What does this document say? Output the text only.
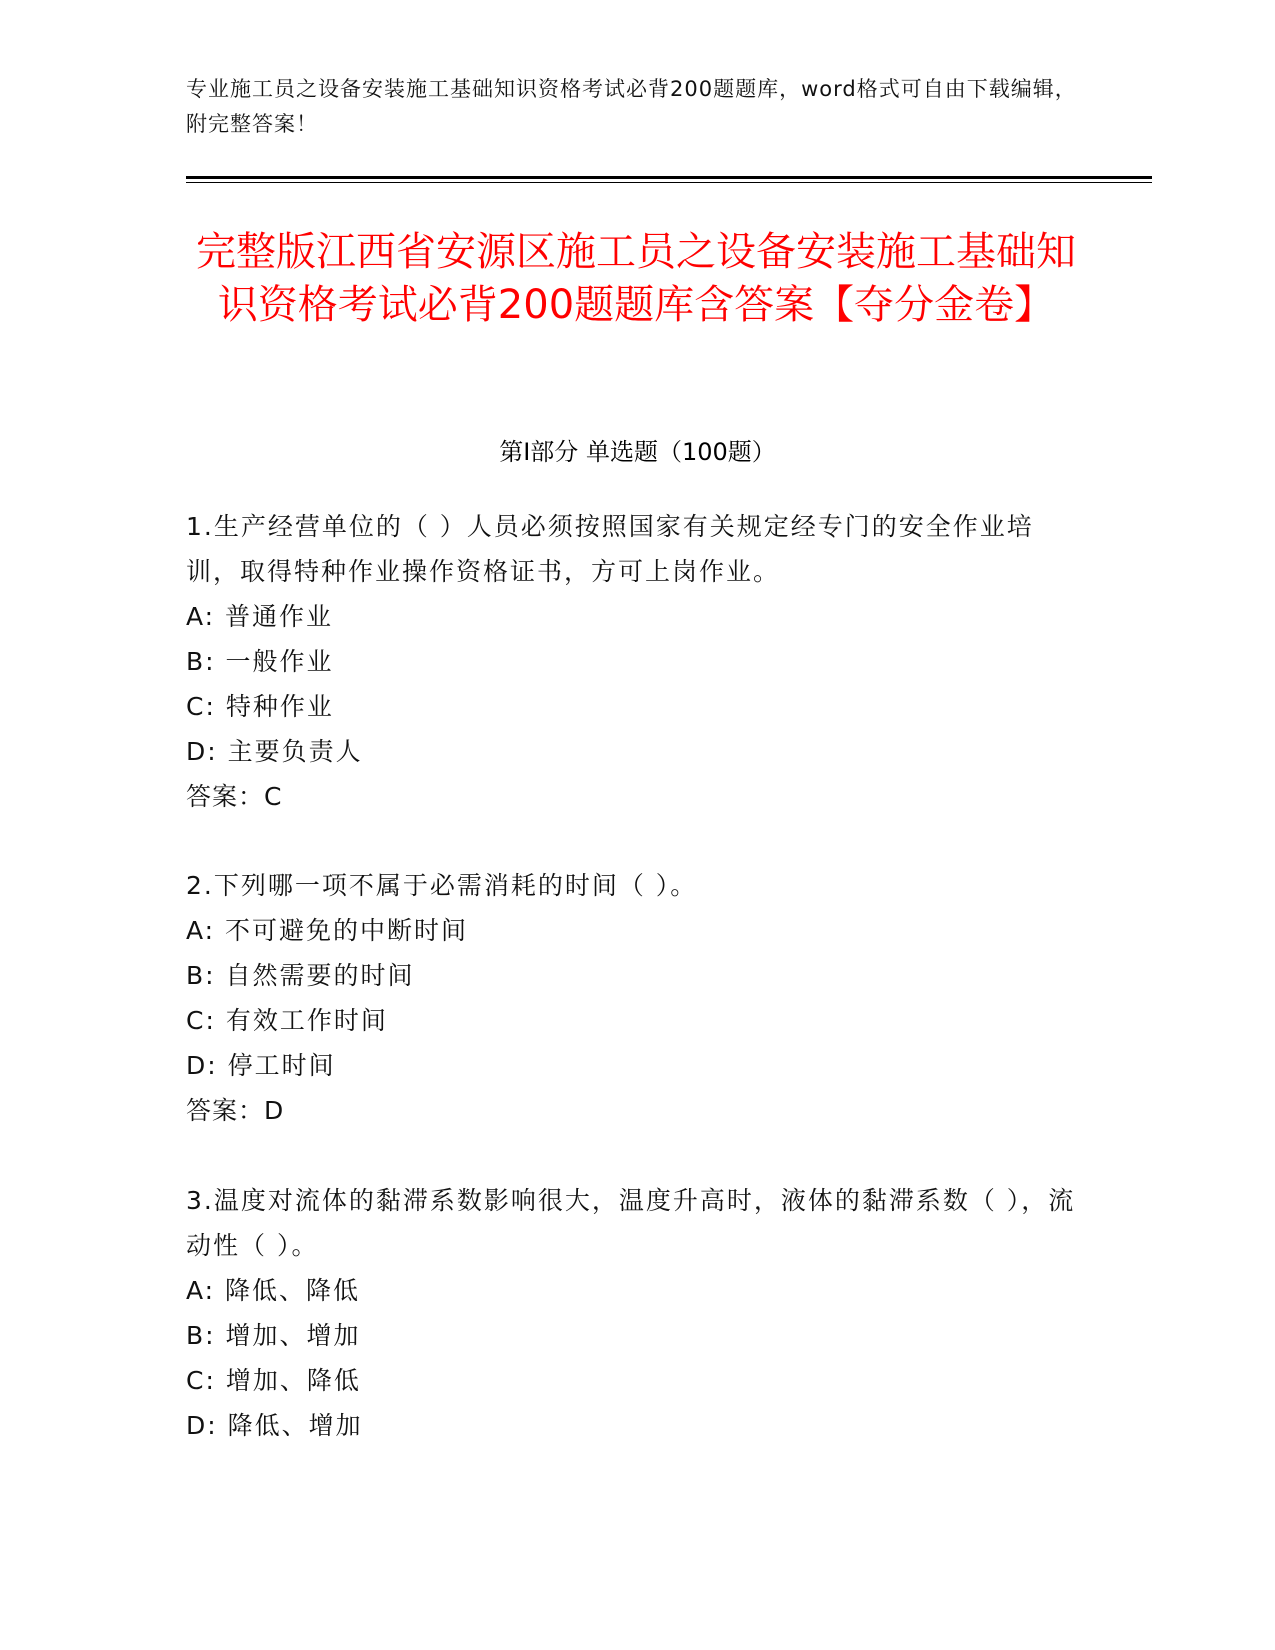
专业施工员之设备安装施工基础知识资格考试必背200题题库，word格式可自由下载编辑，附完整答案！
完整版江西省安源区施工员之设备安装施工基础知识资格考试必背200题题库含答案【夺分金卷】
第Ⅰ部分 单选题（100题）

1.生产经营单位的（ ）人员必须按照国家有关规定经专门的安全作业培训，取得特种作业操作资格证书，方可上岗作业。

A: 普通作业

B: 一般作业

C: 特种作业

D: 主要负责人

答案：C

2.下列哪一项不属于必需消耗的时间（ ）。

A: 不可避免的中断时间

B: 自然需要的时间

C: 有效工作时间

D: 停工时间

答案：D

3.温度对流体的黏滞系数影响很大，温度升高时，液体的黏滞系数（ ），流动性（ ）。

A: 降低、降低

B: 增加、增加

C: 增加、降低

D: 降低、增加
